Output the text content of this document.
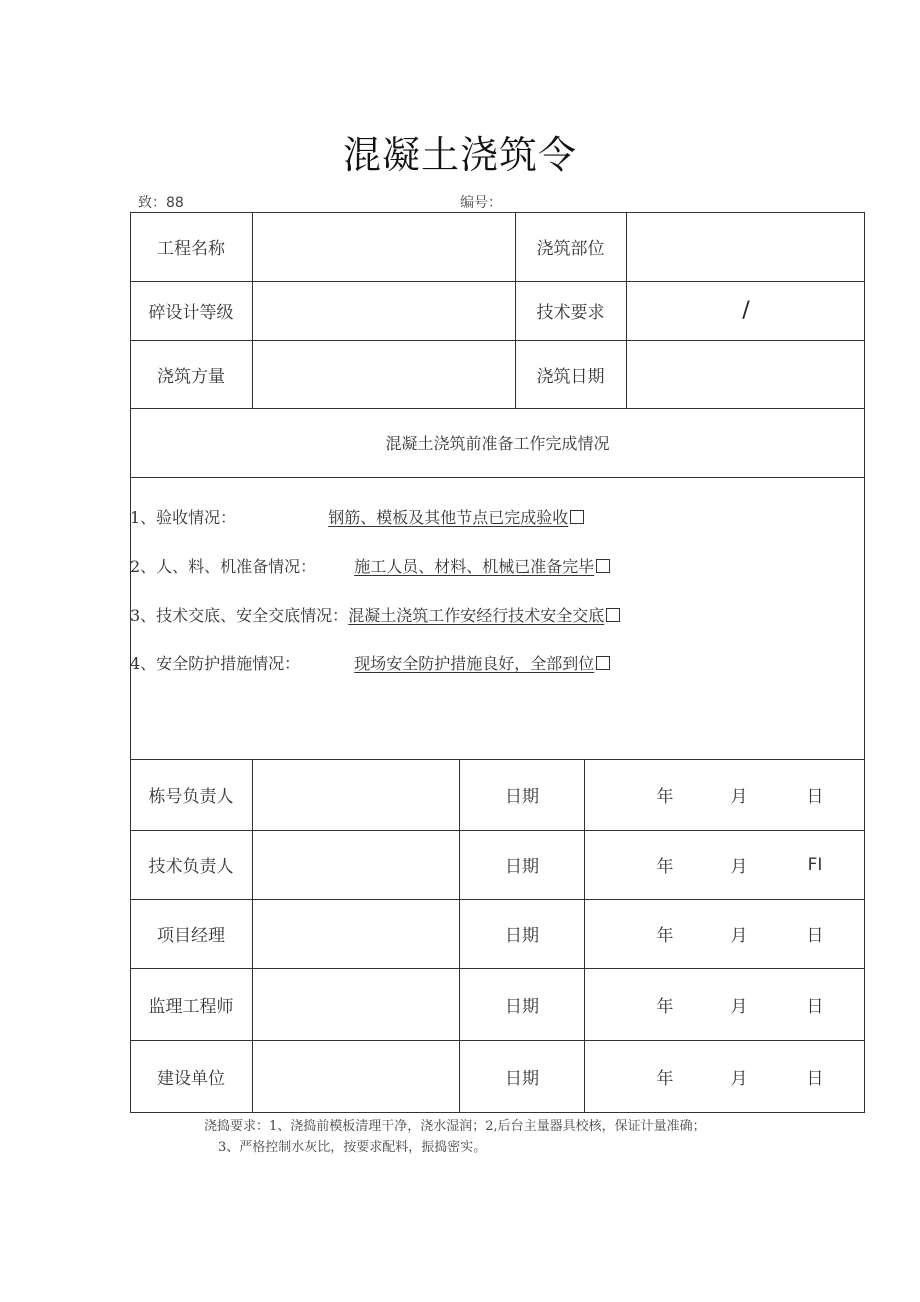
混凝土浇筑令
致：88	编号：
工程名称	浇筑部位
碎设计等级	技术要求	/
浇筑方量	浇筑日期
混凝土浇筑前准备工作完成情况
1、验收情况：	钢筋、模板及其他节点已完成验收
2、人、料、机准备情况： 施工人员、材料、机械已准备完毕
3、技术交底、安全交底情况：混凝土浇筑工作安经行技术安全交底
4、安全防护措施情况：	现场安全防护措施良好，全部到位
栋号负责人	日期	年	月	日
技术负责人	日期	年	月	FI
项目经理	日期	年	月	日
监理工程师	日期	年	月	日
建设单位	日期	年	月	日
浇捣要求：1、浇捣前模板清理干净，浇水湿润；2,后台主量器具校核，保证计量准确；
3、严格控制水灰比，按要求配料，振捣密实。
